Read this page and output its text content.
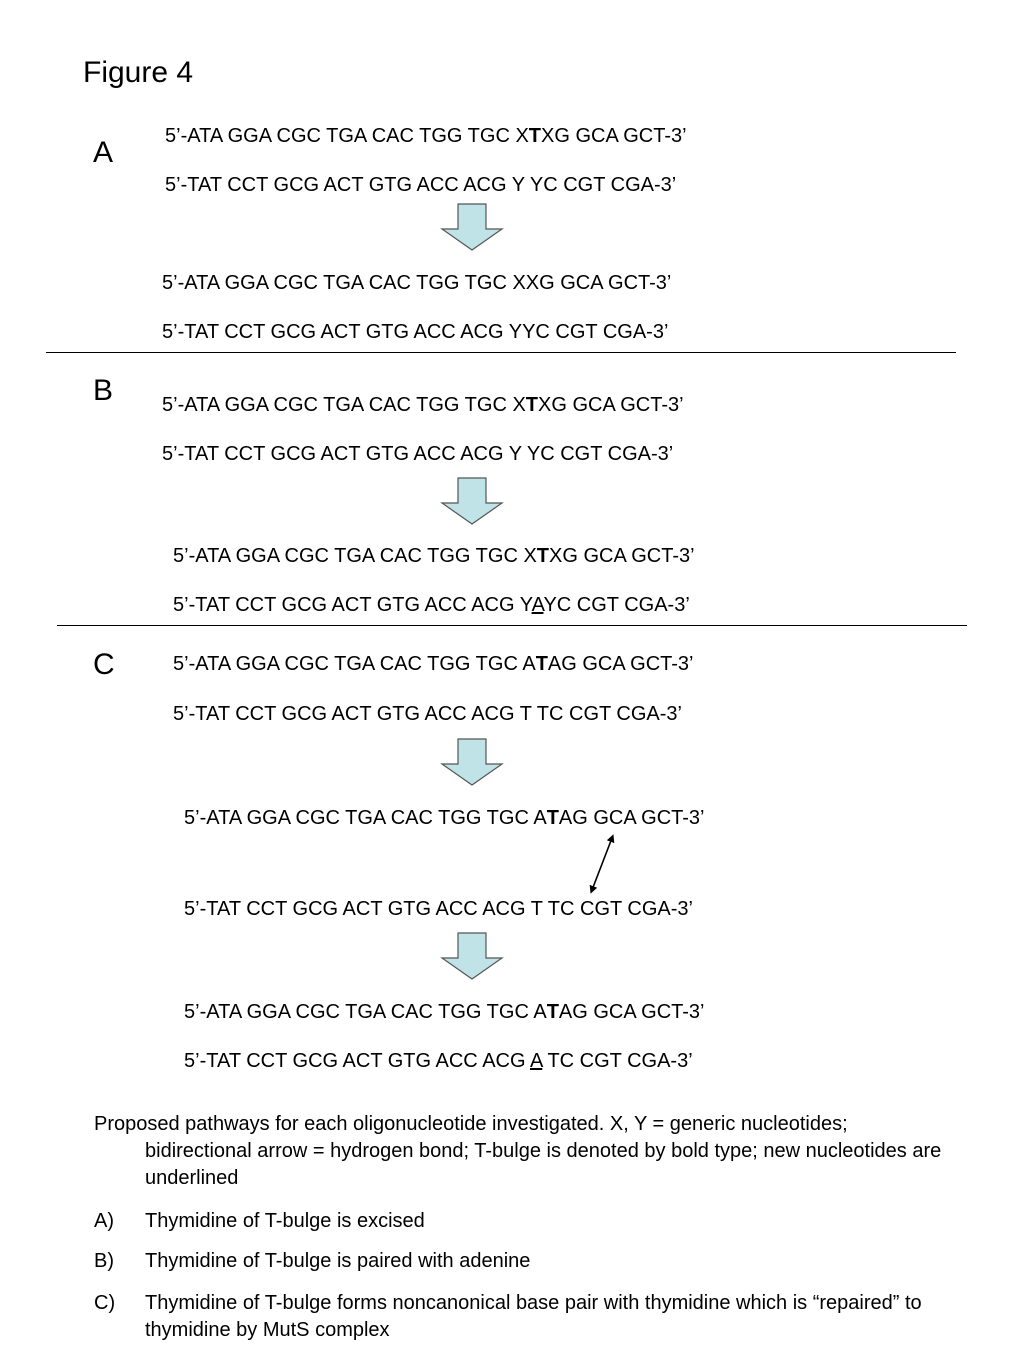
Figure 4
A	5’-ATA GGA CGC TGA CAC TGG TGC XTXG GCA GCT-3’
5’-TAT CCT GCG ACT GTG ACC ACG Y YC CGT CGA-3’
5’-ATA GGA CGC TGA CAC TGG TGC XXG GCA GCT-3’
5’-TAT CCT GCG ACT GTG ACC ACG YYC CGT CGA-3’
B 5’-ATA GGA CGC TGA CAC TGG TGC XTXG GCA GCT-3’
5’-TAT CCT GCG ACT GTG ACC ACG Y YC CGT CGA-3’
5’-ATA GGA CGC TGA CAC TGG TGC XTXG GCA GCT-3’
5’-TAT CCT GCG ACT GTG ACC ACG YAYC CGT CGA-3’
C	5’-ATA GGA CGC TGA CAC TGG TGC ATAG GCA GCT-3’
5’-TAT CCT GCG ACT GTG ACC ACG T TC CGT CGA-3’
5’-ATA GGA CGC TGA CAC TGG TGC ATAG GCA GCT-3’
5’-TAT CCT GCG ACT GTG ACC ACG T TC CGT CGA-3’
5’-ATA GGA CGC TGA CAC TGG TGC ATAG GCA GCT-3’
5’-TAT CCT GCG ACT GTG ACC ACG A TC CGT CGA-3’
Proposed pathways for each oligonucleotide investigated. X, Y = generic nucleotides; bidirectional arrow = hydrogen bond; T-bulge is denoted by bold type; new nucleotides are underlined
A) Thymidine of T-bulge is excised
B) Thymidine of T-bulge is paired with adenine
C) Thymidine of T-bulge forms noncanonical base pair with thymidine which is “repaired” to thymidine by MutS complex
